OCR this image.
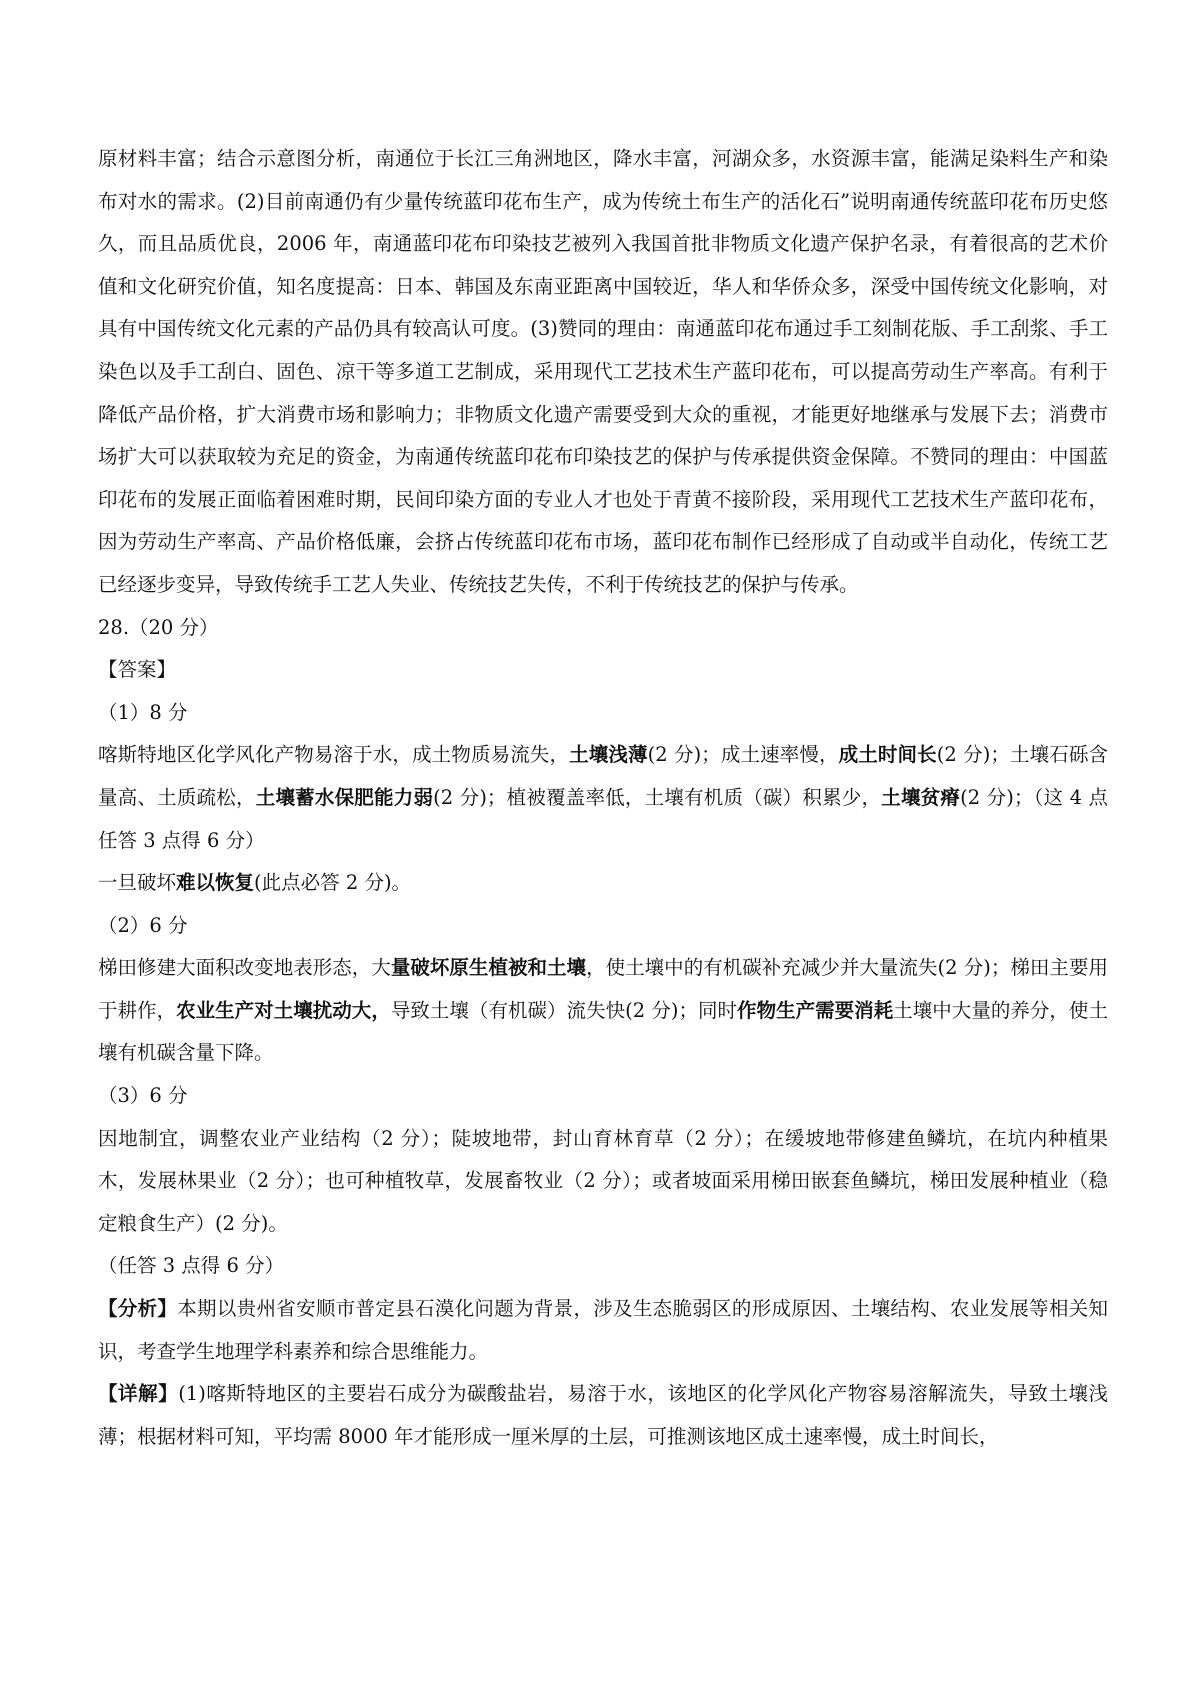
原材料丰富；结合示意图分析，南通位于长江三角洲地区，降水丰富，河湖众多，水资源丰富，能满足染料生产和染布对水的需求。(2)目前南通仍有少量传统蓝印花布生产，成为传统土布生产的活化石”说明南通传统蓝印花布历史悠久，而且品质优良，2006 年，南通蓝印花布印染技艺被列入我国首批非物质文化遗产保护名录，有着很高的艺术价值和文化研究价值，知名度提高：日本、韩国及东南亚距离中国较近，华人和华侨众多，深受中国传统文化影响，对具有中国传统文化元素的产品仍具有较高认可度。(3)赞同的理由：南通蓝印花布通过手工刻制花版、手工刮浆、手工染色以及手工刮白、固色、凉干等多道工艺制成，采用现代工艺技术生产蓝印花布，可以提高劳动生产率高。有利于降低产品价格，扩大消费市场和影响力；非物质文化遗产需要受到大众的重视，才能更好地继承与发展下去；消费市场扩大可以获取较为充足的资金，为南通传统蓝印花布印染技艺的保护与传承提供资金保障。不赞同的理由：中国蓝印花布的发展正面临着困难时期，民间印染方面的专业人才也处于青黄不接阶段，采用现代工艺技术生产蓝印花布，因为劳动生产率高、产品价格低廉，会挤占传统蓝印花布市场，蓝印花布制作已经形成了自动或半自动化，传统工艺已经逐步变异，导致传统手工艺人失业、传统技艺失传，不利于传统技艺的保护与传承。

28.（20 分）

【答案】

（1）8 分

喀斯特地区化学风化产物易溶于水，成土物质易流失，土壤浅薄(2 分)；成土速率慢，成土时间长(2 分)；土壤石砾含量高、土质疏松，土壤蓄水保肥能力弱(2 分)；植被覆盖率低，土壤有机质（碳）积累少，土壤贫瘠(2 分)；（这 4 点任答 3 点得 6 分）

一旦破坏难以恢复(此点必答 2 分)。

（2）6 分

梯田修建大面积改变地表形态，大量破坏原生植被和土壤，使土壤中的有机碳补充减少并大量流失(2 分)；梯田主要用于耕作，农业生产对土壤扰动大，导致土壤（有机碳）流失快(2 分)；同时作物生产需要消耗土壤中大量的养分，使土壤有机碳含量下降。

（3）6 分

因地制宜，调整农业产业结构（2 分）；陡坡地带，封山育林育草（2 分）；在缓坡地带修建鱼鳞坑，在坑内种植果木，发展林果业（2 分）；也可种植牧草，发展畜牧业（2 分）；或者坡面采用梯田嵌套鱼鳞坑，梯田发展种植业（稳定粮食生产）(2 分)。

（任答 3 点得 6 分）

【分析】本期以贵州省安顺市普定县石漠化问题为背景，涉及生态脆弱区的形成原因、土壤结构、农业发展等相关知识，考查学生地理学科素养和综合思维能力。

【详解】(1)喀斯特地区的主要岩石成分为碳酸盐岩，易溶于水，该地区的化学风化产物容易溶解流失，导致土壤浅薄；根据材料可知，平均需 8000 年才能形成一厘米厚的土层，可推测该地区成土速率慢，成土时间长，
